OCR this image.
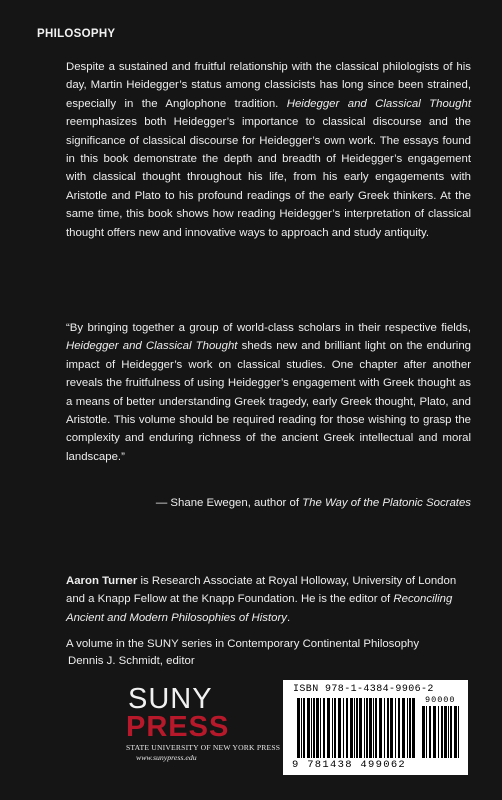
PHILOSOPHY

Despite a sustained and fruitful relationship with the classical philologists of his day, Martin Heidegger’s status among classicists has long since been strained, especially in the Anglophone tradition. Heidegger and Classical Thought reemphasizes both Heidegger’s importance to classical discourse and the significance of classical discourse for Heidegger’s own work. The essays found in this book demonstrate the depth and breadth of Heidegger’s engagement with classical thought throughout his life, from his early engagements with Aristotle and Plato to his profound readings of the early Greek thinkers. At the same time, this book shows how reading Heidegger’s interpretation of classical thought offers new and innovative ways to approach and study antiquity.

“By bringing together a group of world-class scholars in their respective fields, Heidegger and Classical Thought sheds new and brilliant light on the enduring impact of Heidegger’s work on classical studies. One chapter after another reveals the fruitfulness of using Heidegger’s engagement with Greek thought as a means of better understanding Greek tragedy, early Greek thought, Plato, and Aristotle. This volume should be required reading for those wishing to grasp the complexity and enduring richness of the ancient Greek intellectual and moral landscape.”

— Shane Ewegen, author of The Way of the Platonic Socrates

Aaron Turner is Research Associate at Royal Holloway, University of London and a Knapp Fellow at the Knapp Foundation. He is the editor of Reconciling Ancient and Modern Philosophies of History.

A volume in the SUNY series in Contemporary Continental Philosophy
Dennis J. Schmidt, editor
SUNY
PRESS
STATE UNIVERSITY OF NEW YORK PRESS
www.sunypress.edu
ISBN 978-1-4384-9906-2
90000
9 781438 499062
